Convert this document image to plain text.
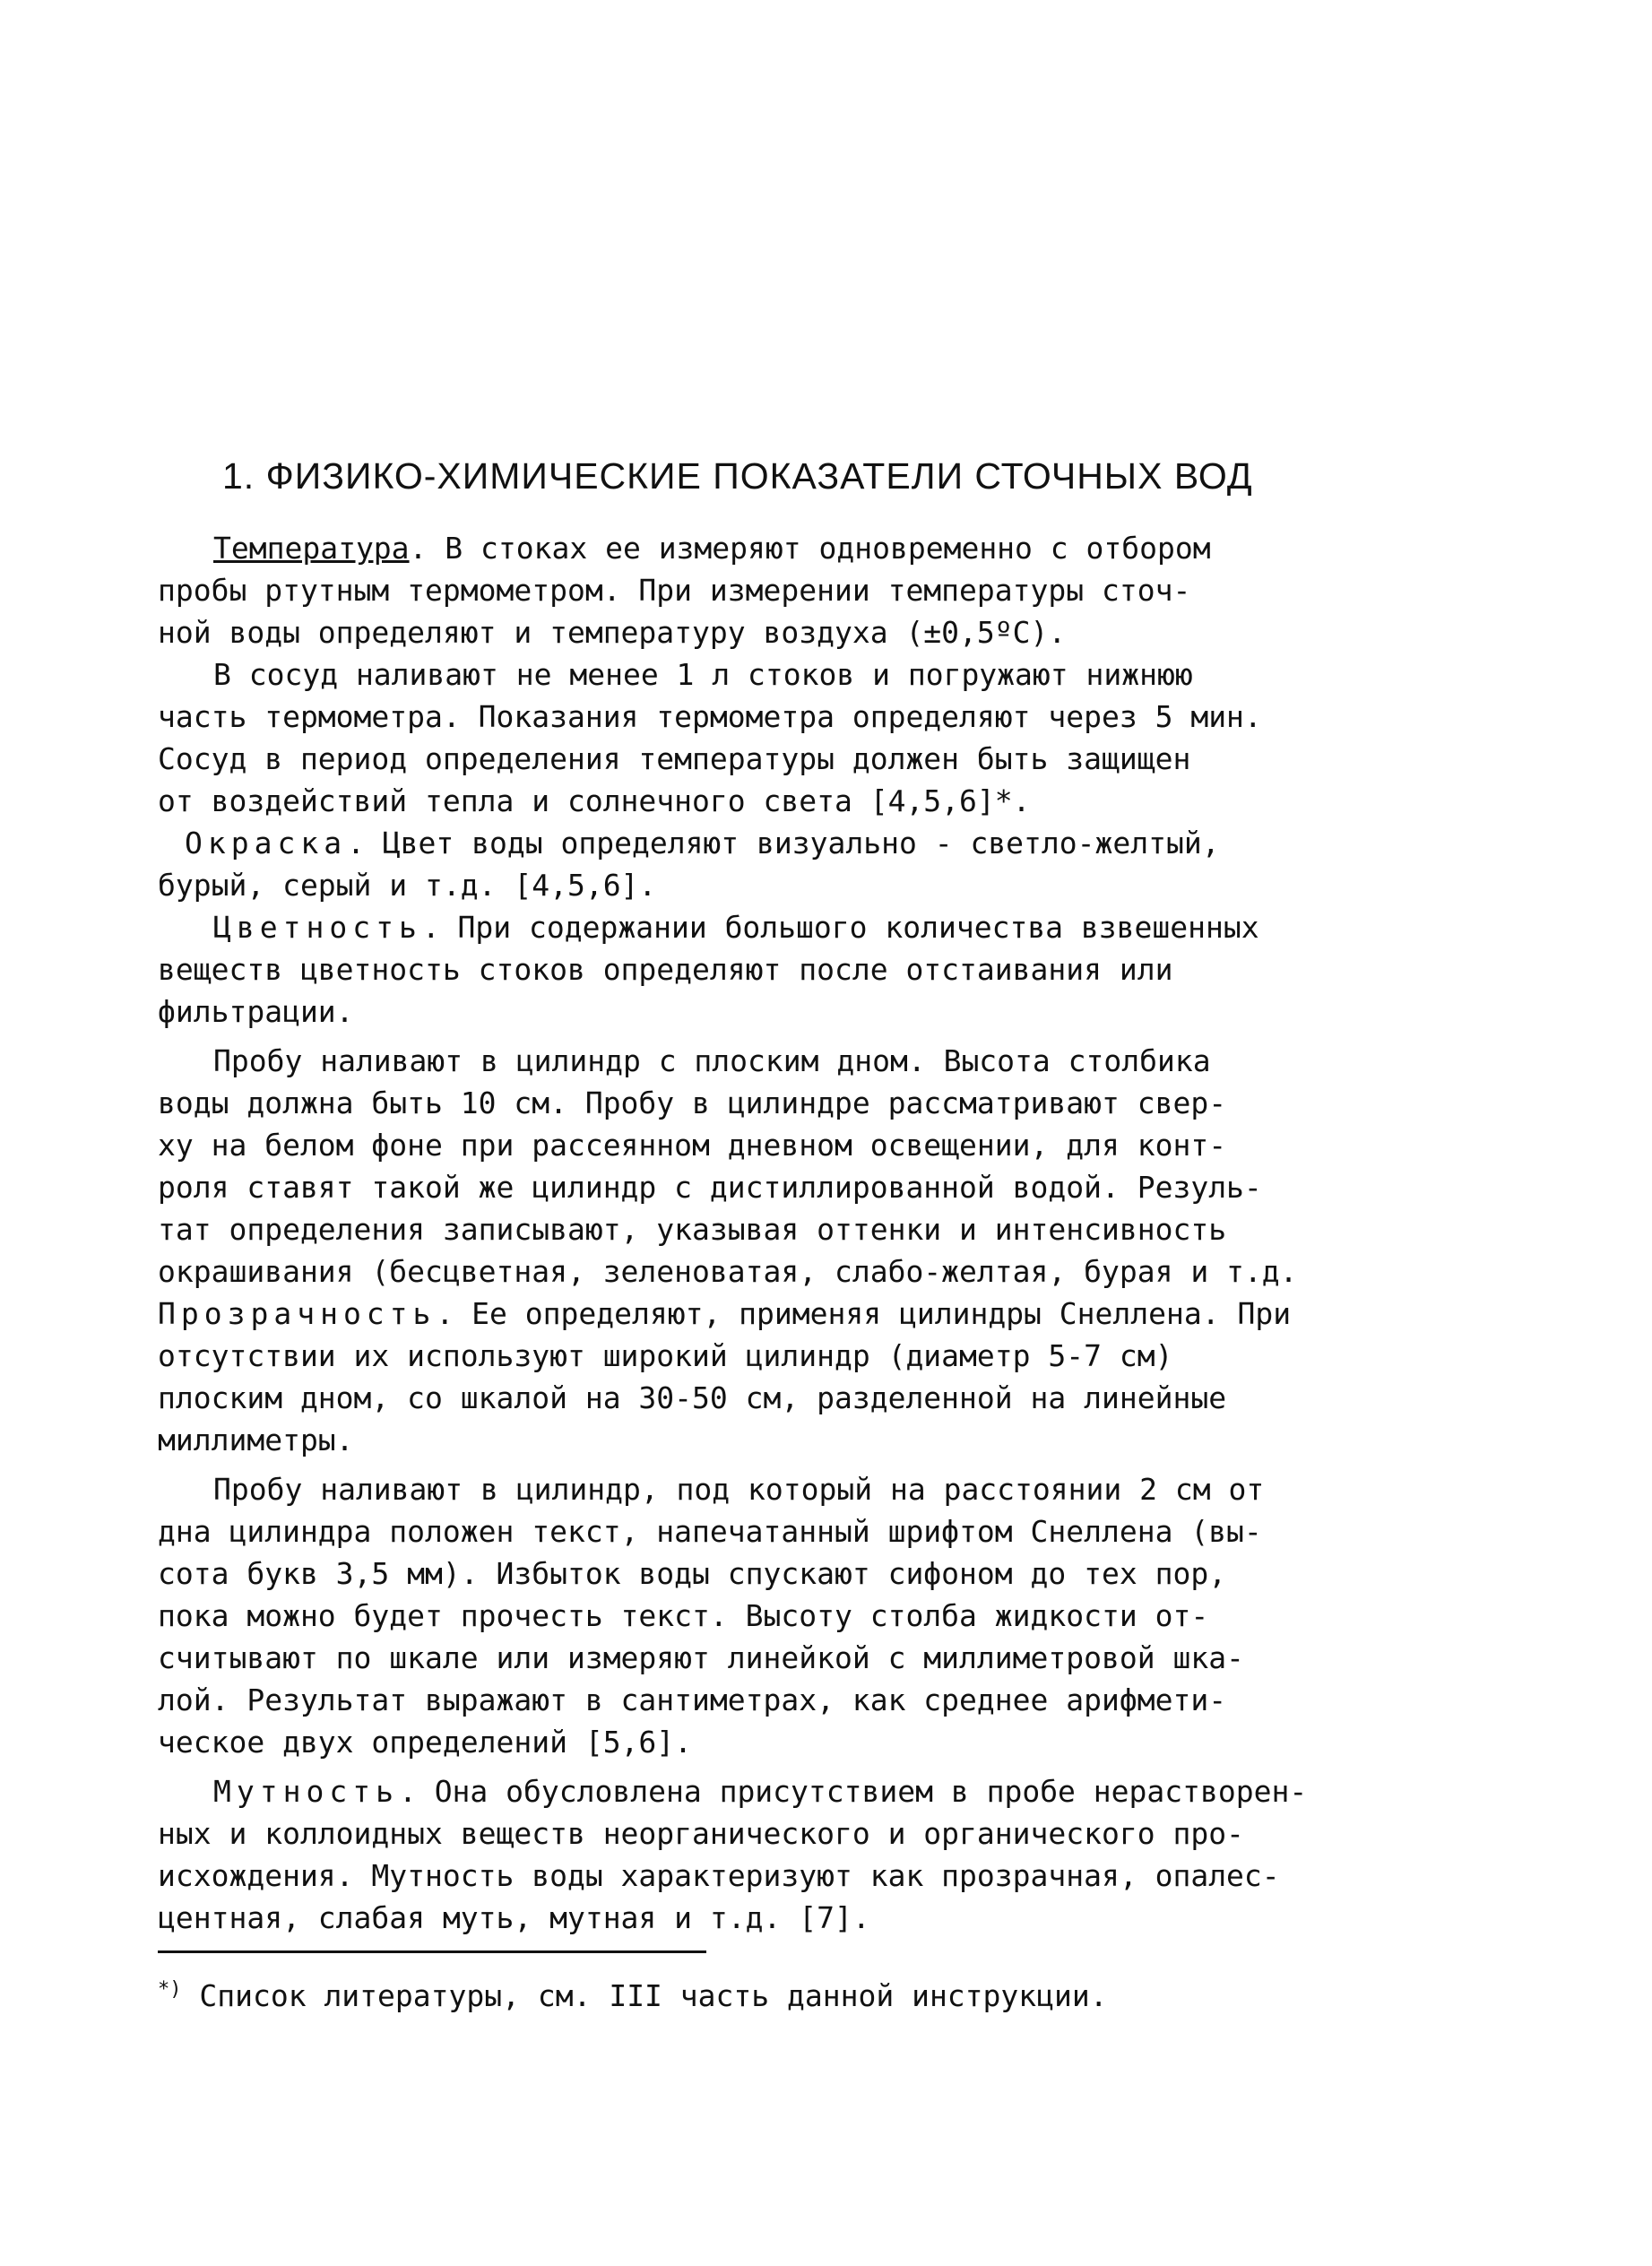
1. ФИЗИКО-ХИМИЧЕСКИЕ ПОКАЗАТЕЛИ СТОЧНЫХ ВОД
Температура. В стоках ее измеряют одновременно с отбором
пробы ртутным термометром. При измерении температуры сточ-
ной воды определяют и температуру воздуха (±0,5ºС).
В сосуд наливают не менее 1 л стоков и погружают нижнюю
часть термометра. Показания термометра определяют через 5 мин.
Сосуд в период определения температуры должен быть защищен
от воздействий тепла и солнечного света [4,5,6]*.
Окраска. Цвет воды определяют визуально - светло-желтый,
бурый, серый и т.д. [4,5,6].
Цветность. При содержании большого количества взвешенных
веществ цветность стоков определяют после отстаивания или
фильтрации.
Пробу наливают в цилиндр с плоским дном. Высота столбика
воды должна быть 10 см. Пробу в цилиндре рассматривают свер-
ху на белом фоне при рассеянном дневном освещении, для конт-
роля ставят такой же цилиндр с дистиллированной водой. Резуль-
тат определения записывают, указывая оттенки и интенсивность
окрашивания (бесцветная, зеленоватая, слабо-желтая, бурая и т.д.
Прозрачность. Ее определяют, применяя цилиндры Снеллена. При
отсутствии их используют широкий цилиндр (диаметр 5-7 см)
плоским дном, со шкалой на 30-50 см, разделенной на линейные
миллиметры.
Пробу наливают в цилиндр, под который на расстоянии 2 см от
дна цилиндра положен текст, напечатанный шрифтом Снеллена (вы-
сота букв 3,5 мм). Избыток воды спускают сифоном до тех пор,
пока можно будет прочесть текст. Высоту столба жидкости от-
считывают по шкале или измеряют линейкой с миллиметровой шка-
лой. Результат выражают в сантиметрах, как среднее арифмети-
ческое двух определений [5,6].
Мутность. Она обусловлена присутствием в пробе нерастворен-
ных и коллоидных веществ неорганического и органического про-
исхождения. Мутность воды характеризуют как прозрачная, опалес-
центная, слабая муть, мутная и т.д. [7].
*) Список литературы, см. III часть данной инструкции.
